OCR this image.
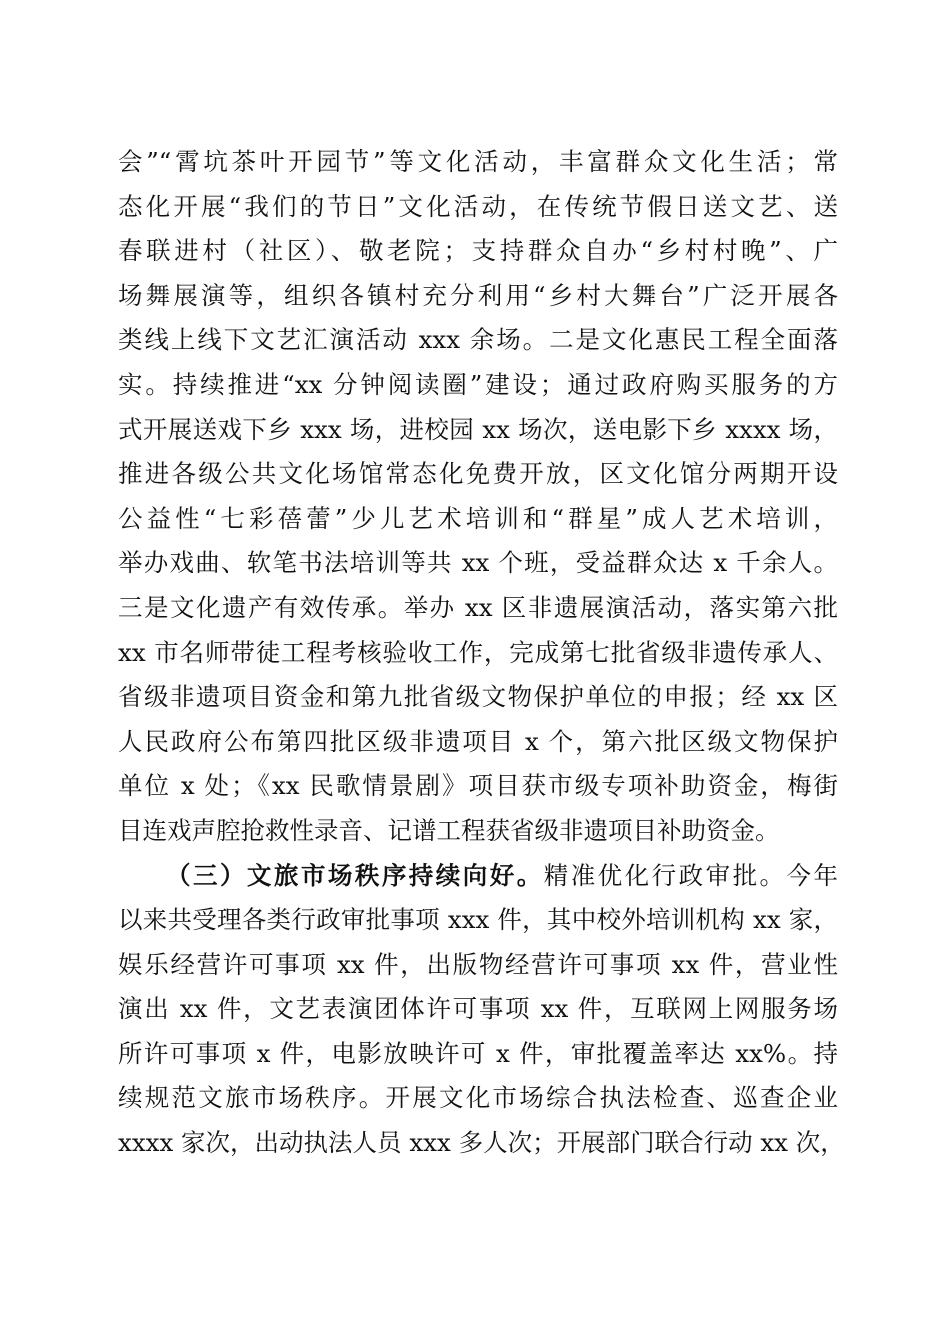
会”“霄坑茶叶开园节”等文化活动，丰富群众文化生活；常
态化开展“我们的节日”文化活动，在传统节假日送文艺、送
春联进村（社区）、敬老院；支持群众自办“乡村村晚”、广
场舞展演等，组织各镇村充分利用“乡村大舞台”广泛开展各
类线上线下文艺汇演活动 xxx 余场。二是文化惠民工程全面落
实。持续推进“xx 分钟阅读圈”建设；通过政府购买服务的方
式开展送戏下乡 xxx 场，进校园 xx 场次，送电影下乡 xxxx 场，
推进各级公共文化场馆常态化免费开放，区文化馆分两期开设
公益性“七彩蓓蕾”少儿艺术培训和“群星”成人艺术培训，
举办戏曲、软笔书法培训等共 xx 个班，受益群众达 x 千余人。
三是文化遗产有效传承。举办 xx 区非遗展演活动，落实第六批
xx 市名师带徒工程考核验收工作，完成第七批省级非遗传承人、
省级非遗项目资金和第九批省级文物保护单位的申报；经 xx 区
人民政府公布第四批区级非遗项目 x 个，第六批区级文物保护
单位 x 处；《xx 民歌情景剧》项目获市级专项补助资金，梅街
目连戏声腔抢救性录音、记谱工程获省级非遗项目补助资金。
（三）文旅市场秩序持续向好。精准优化行政审批。今年
以来共受理各类行政审批事项 xxx 件，其中校外培训机构 xx 家，
娱乐经营许可事项 xx 件，出版物经营许可事项 xx 件，营业性
演出 xx 件，文艺表演团体许可事项 xx 件，互联网上网服务场
所许可事项 x 件，电影放映许可 x 件，审批覆盖率达 xx%。持
续规范文旅市场秩序。开展文化市场综合执法检查、巡查企业
xxxx 家次，出动执法人员 xxx 多人次；开展部门联合行动 xx 次，
